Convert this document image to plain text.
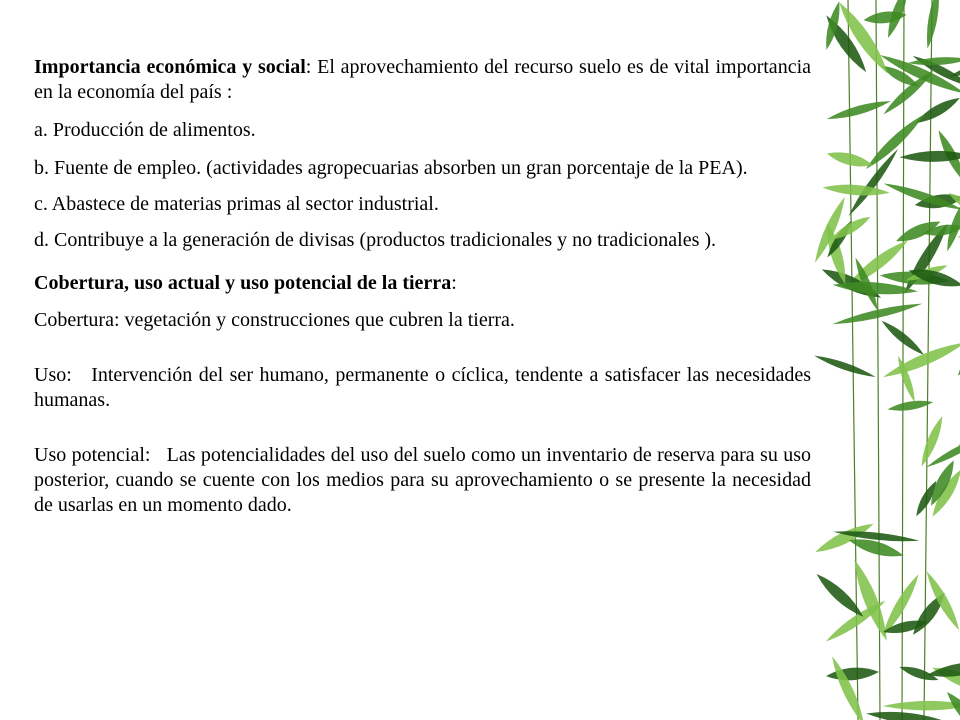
Importancia económica y social: El aprovechamiento del recurso suelo es de vital importancia en la economía del país :

a. Producción de alimentos.

b. Fuente de empleo. (actividades agropecuarias absorben un gran porcentaje de la PEA).

c. Abastece de materias primas al sector industrial.

d. Contribuye a la generación de divisas (productos tradicionales y no tradicionales ).

Cobertura, uso actual y uso potencial de la tierra:

Cobertura: vegetación y construcciones que cubren la tierra.

Uso:   Intervención del ser humano, permanente o cíclica, tendente a satisfacer las necesidades humanas.

Uso potencial:   Las potencialidades del uso del suelo como un inventario de reserva para su uso posterior, cuando se cuente con los medios para su aprovechamiento o se presente la necesidad de usarlas en un momento dado.
